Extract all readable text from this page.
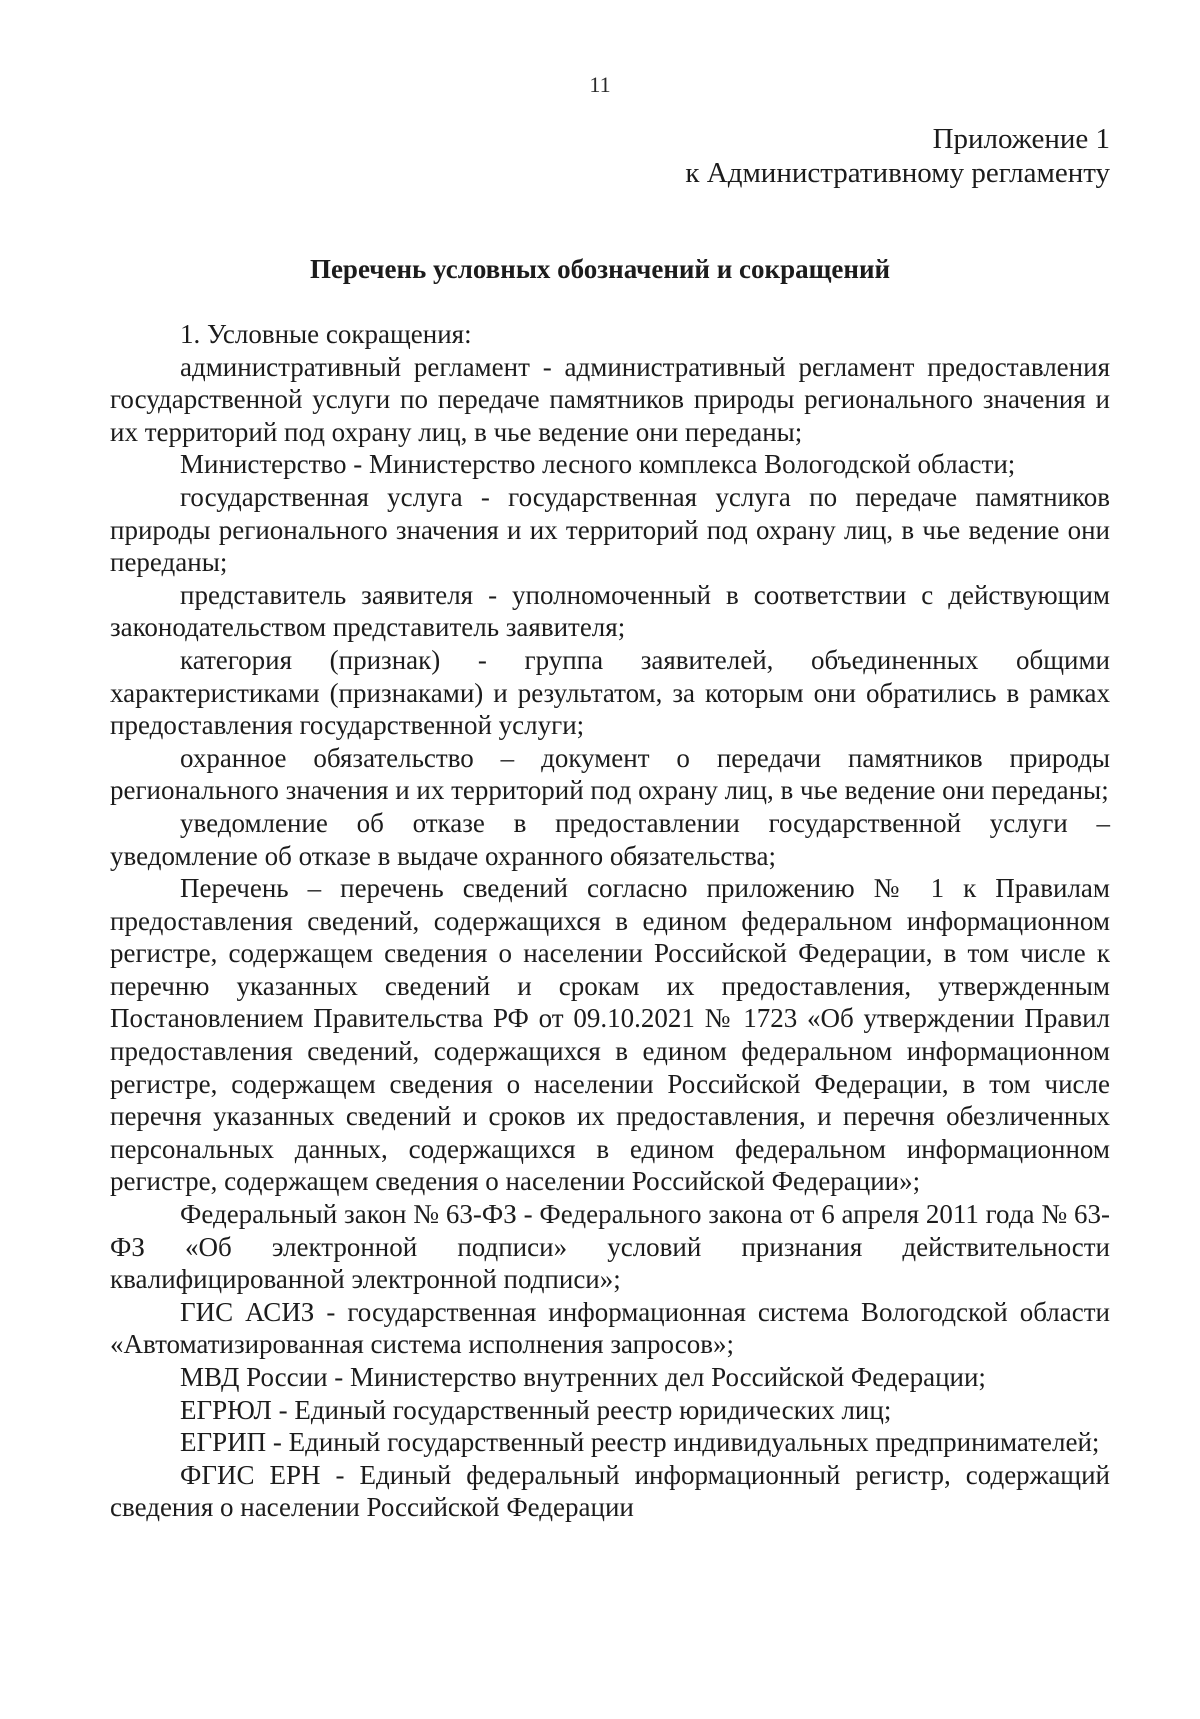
11
Приложение 1
к Административному регламенту
Перечень условных обозначений и сокращений

1. Условные сокращения:

административный регламент - административный регламент предоставления государственной услуги по передаче памятников природы регионального значения и их территорий под охрану лиц, в чье ведение они переданы;

Министерство - Министерство лесного комплекса Вологодской области;

государственная услуга - государственная услуга по передаче памятников природы регионального значения и их территорий под охрану лиц, в чье ведение они переданы;

представитель заявителя - уполномоченный в соответствии с действующим законодательством представитель заявителя;

категория (признак) - группа заявителей, объединенных общими характеристиками (признаками) и результатом, за которым они обратились в рамках предоставления государственной услуги;

охранное обязательство – документ о передачи памятников природы регионального значения и их территорий под охрану лиц, в чье ведение они переданы;

уведомление об отказе в предоставлении государственной услуги – уведомление об отказе в выдаче охранного обязательства;

Перечень – перечень сведений согласно приложению № 1 к Правилам предоставления сведений, содержащихся в едином федеральном информационном регистре, содержащем сведения о населении Российской Федерации, в том числе к перечню указанных сведений и срокам их предоставления, утвержденным Постановлением Правительства РФ от 09.10.2021 № 1723 «Об утверждении Правил предоставления сведений, содержащихся в едином федеральном информационном регистре, содержащем сведения о населении Российской Федерации, в том числе перечня указанных сведений и сроков их предоставления, и перечня обезличенных персональных данных, содержащихся в едином федеральном информационном регистре, содержащем сведения о населении Российской Федерации»;

Федеральный закон № 63-ФЗ - Федерального закона от 6 апреля 2011 года № 63-ФЗ «Об электронной подписи» условий признания действительности квалифицированной электронной подписи»;

ГИС АСИЗ - государственная информационная система Вологодской области «Автоматизированная система исполнения запросов»;

МВД России - Министерство внутренних дел Российской Федерации;

ЕГРЮЛ - Единый государственный реестр юридических лиц;

ЕГРИП - Единый государственный реестр индивидуальных предпринимателей;

ФГИС ЕРН - Единый федеральный информационный регистр, содержащий сведения о населении Российской Федерации
